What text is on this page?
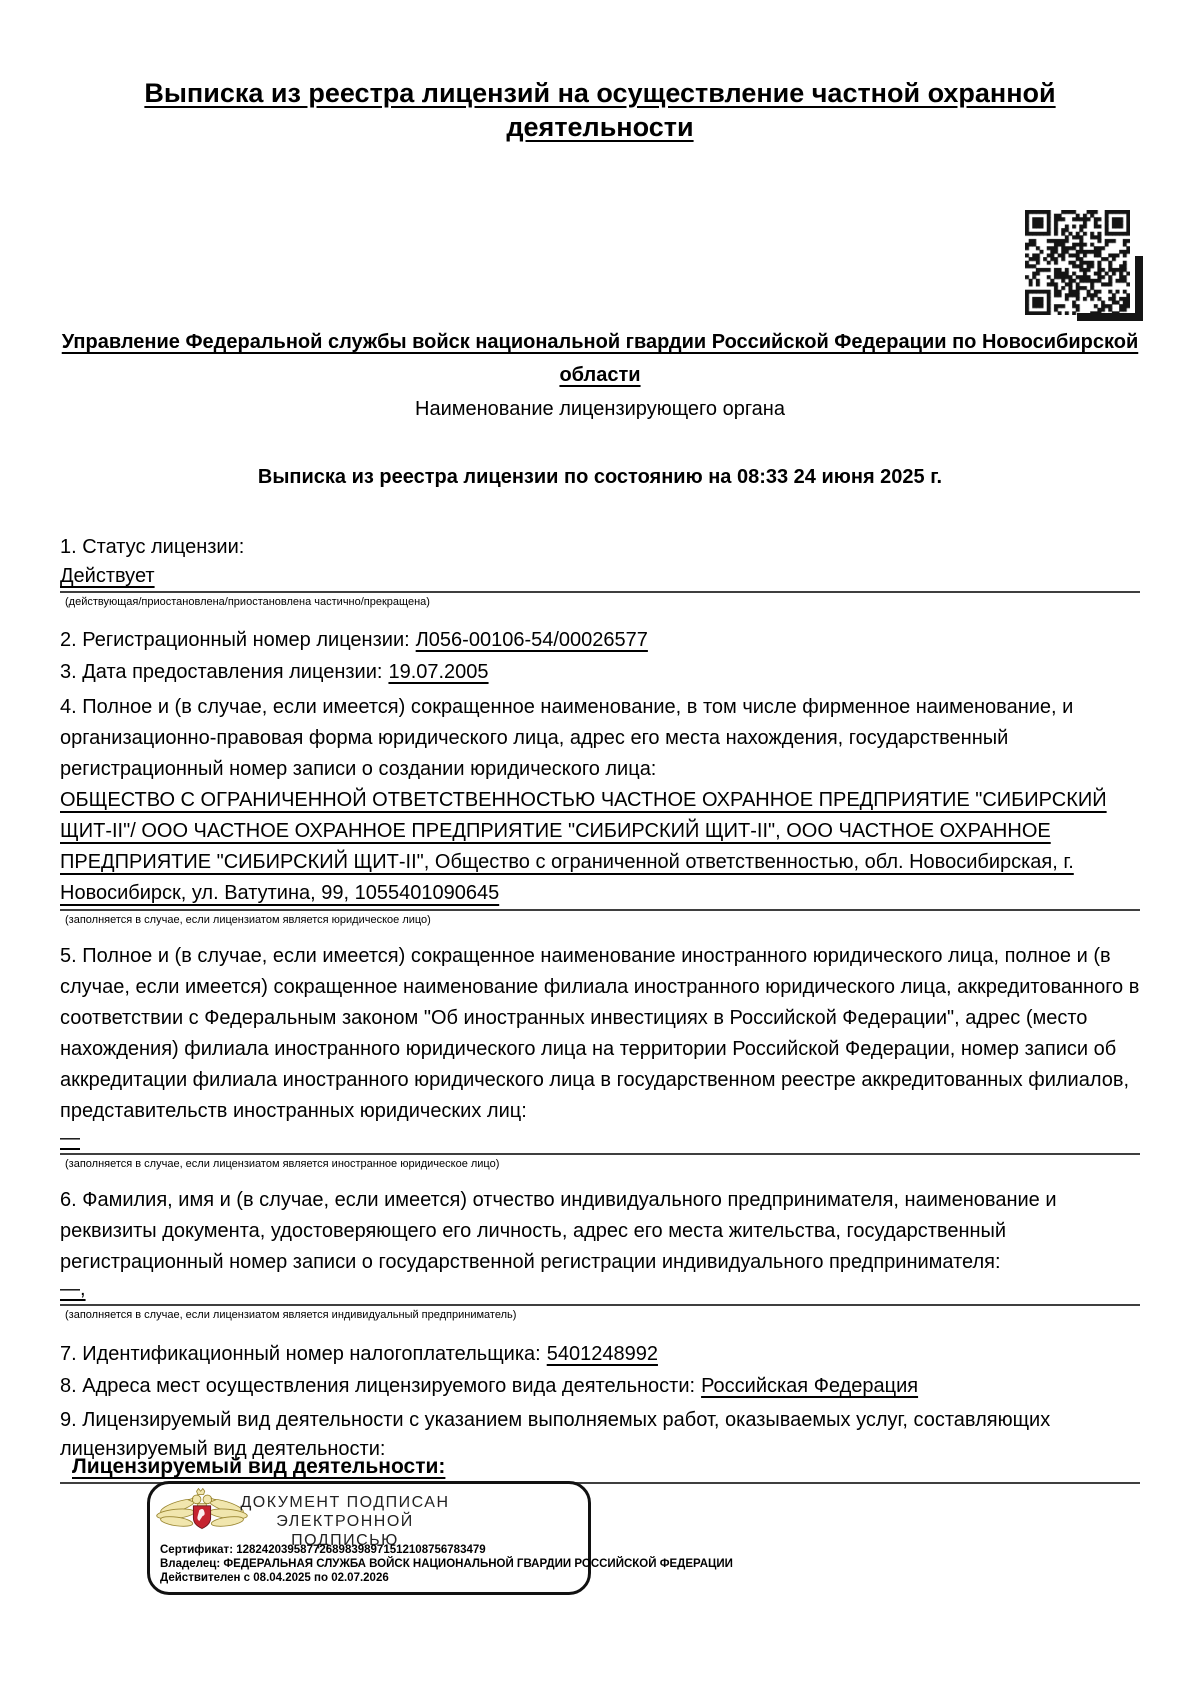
Выписка из реестра лицензий на осуществление частной охранной деятельности
Управление Федеральной службы войск национальной гвардии Российской Федерации по Новосибирской области
Наименование лицензирующего органа
Выписка из реестра лицензии по состоянию на 08:33 24 июня 2025 г.
1. Статус лицензии:
Действует
(действующая/приостановлена/приостановлена частично/прекращена)
2. Регистрационный номер лицензии: Л056-00106-54/00026577
3. Дата предоставления лицензии: 19.07.2005
4. Полное и (в случае, если имеется) сокращенное наименование, в том числе фирменное наименование, и организационно-правовая форма юридического лица, адрес его места нахождения, государственный регистрационный номер записи о создании юридического лица:
ОБЩЕСТВО С ОГРАНИЧЕННОЙ ОТВЕТСТВЕННОСТЬЮ ЧАСТНОЕ ОХРАННОЕ ПРЕДПРИЯТИЕ "СИБИРСКИЙ ЩИТ-II"/ ООО ЧАСТНОЕ ОХРАННОЕ ПРЕДПРИЯТИЕ "СИБИРСКИЙ ЩИТ-II", ООО ЧАСТНОЕ ОХРАННОЕ ПРЕДПРИЯТИЕ "СИБИРСКИЙ ЩИТ-II", Общество с ограниченной ответственностью, обл. Новосибирская, г. Новосибирск, ул. Ватутина, 99, 1055401090645
(заполняется в случае, если лицензиатом является юридическое лицо)
5. Полное и (в случае, если имеется) сокращенное наименование иностранного юридического лица, полное и (в случае, если имеется) сокращенное наименование филиала иностранного юридического лица, аккредитованного в соответствии с Федеральным законом "Об иностранных инвестициях в Российской Федерации", адрес (место нахождения) филиала иностранного юридического лица на территории Российской Федерации, номер записи об аккредитации филиала иностранного юридического лица в государственном реестре аккредитованных филиалов, представительств иностранных юридических лиц:
—
(заполняется в случае, если лицензиатом является иностранное юридическое лицо)
6. Фамилия, имя и (в случае, если имеется) отчество индивидуального предпринимателя, наименование и реквизиты документа, удостоверяющего его личность, адрес его места жительства, государственный регистрационный номер записи о государственной регистрации индивидуального предпринимателя:
—,
(заполняется в случае, если лицензиатом является индивидуальный предприниматель)
7. Идентификационный номер налогоплательщика: 5401248992
8. Адреса мест осуществления лицензируемого вида деятельности: Российская Федерация
9. Лицензируемый вид деятельности с указанием выполняемых работ, оказываемых услуг, составляющих лицензируемый вид деятельности:
Лицензируемый вид деятельности:
ДОКУМЕНТ ПОДПИСАН
ЭЛЕКТРОННОЙ ПОДПИСЬЮ
Сертификат: 128242039587726898398971512108756783479
Владелец: ФЕДЕРАЛЬНАЯ СЛУЖБА ВОЙСК НАЦИОНАЛЬНОЙ ГВАРДИИ РОССИЙСКОЙ ФЕДЕРАЦИИ
Действителен с 08.04.2025 по 02.07.2026
